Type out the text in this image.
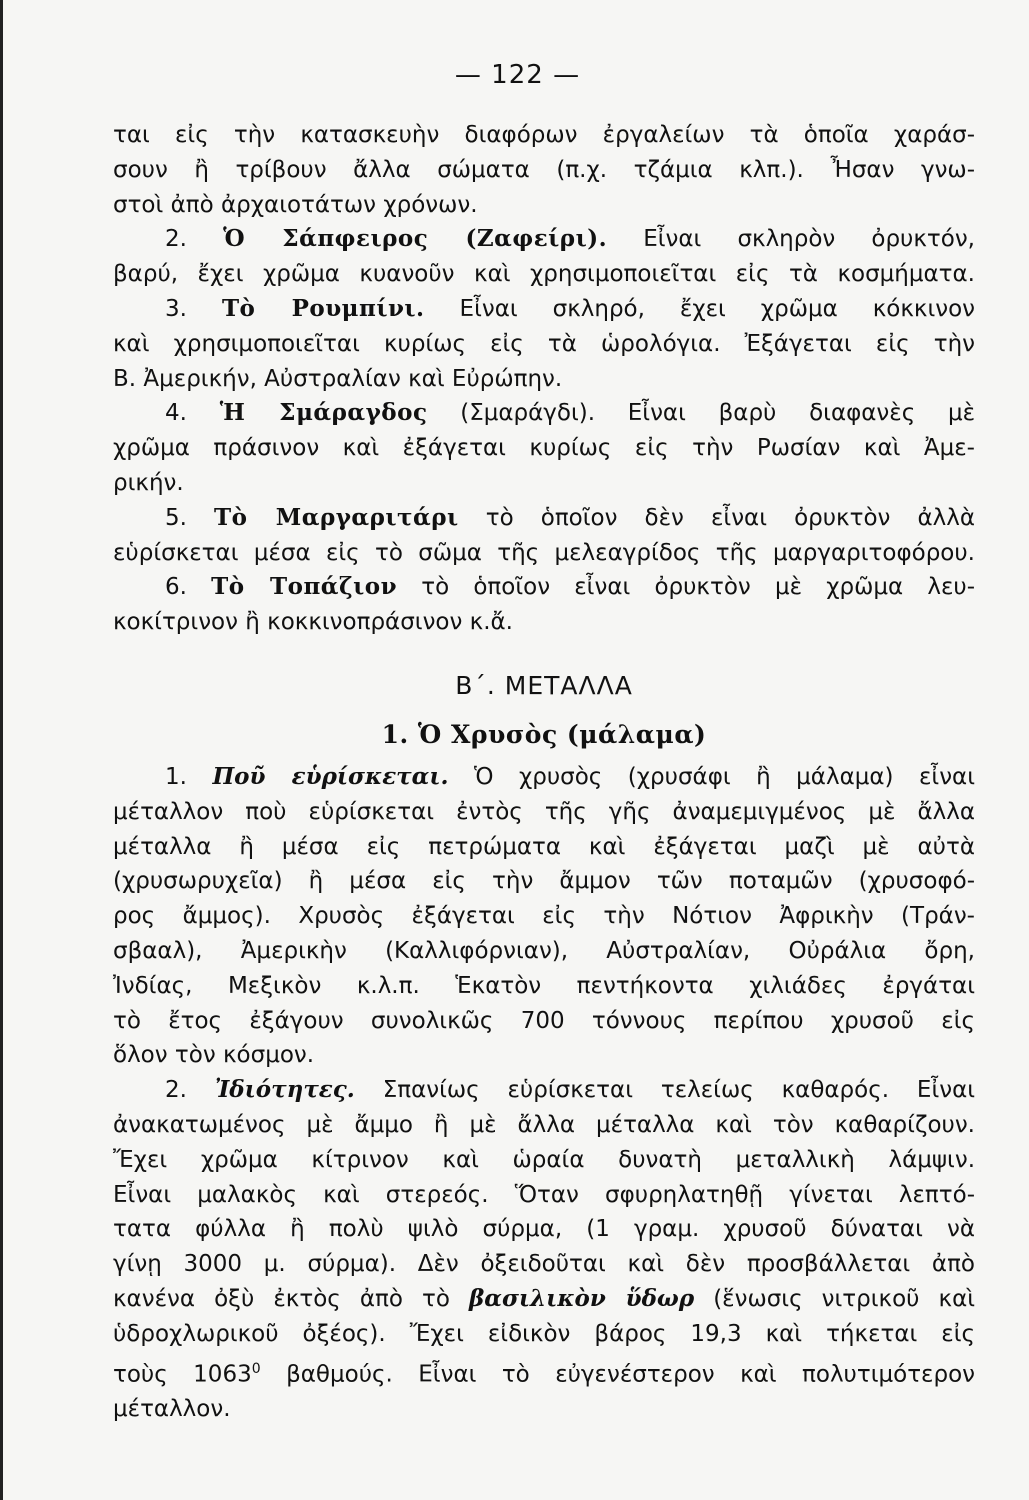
— 122 —
ται εἰς τὴν κατασκευὴν διαφόρων ἐργαλείων τὰ ὁποῖα χαράσ-
σουν ἢ τρίβουν ἄλλα σώματα (π.χ. τζάμια κλπ.). Ἦσαν γνω-
στοὶ ἀπὸ ἀρχαιοτάτων χρόνων.
2. Ὁ Σάπφειρος (Ζαφείρι). Εἶναι σκληρὸν ὀρυκτόν,
βαρύ, ἔχει χρῶμα κυανοῦν καὶ χρησιμοποιεῖται εἰς τὰ κοσμήματα.
3. Τὸ Ρουμπίνι. Εἶναι σκληρό, ἔχει χρῶμα κόκκινον
καὶ χρησιμοποιεῖται κυρίως εἰς τὰ ὡρολόγια. Ἐξάγεται εἰς τὴν
Β. Ἀμερικήν, Αὐστραλίαν καὶ Εὐρώπην.
4. Ἡ Σμάραγδος (Σμαράγδι). Εἶναι βαρὺ διαφανὲς μὲ
χρῶμα πράσινον καὶ ἐξάγεται κυρίως εἰς τὴν Ρωσίαν καὶ Ἀμε-
ρικήν.
5. Τὸ Μαργαριτάρι τὸ ὁποῖον δὲν εἶναι ὀρυκτὸν ἀλλὰ
εὑρίσκεται μέσα εἰς τὸ σῶμα τῆς μελεαγρίδος τῆς μαργαριτοφόρου.
6. Τὸ Τοπάζιον τὸ ὁποῖον εἶναι ὀρυκτὸν μὲ χρῶμα λευ-
κοκίτρινον ἢ κοκκινοπράσινον κ.ἄ.
Β΄. ΜΕΤΑΛΛΑ
1. Ὁ Χρυσὸς (μάλαμα)
1. Ποῦ εὑρίσκεται. Ὁ χρυσὸς (χρυσάφι ἢ μάλαμα) εἶναι
μέταλλον ποὺ εὑρίσκεται ἐντὸς τῆς γῆς ἀναμεμιγμένος μὲ ἄλλα
μέταλλα ἢ μέσα εἰς πετρώματα καὶ ἐξάγεται μαζὶ μὲ αὐτὰ
(χρυσωρυχεῖα) ἢ μέσα εἰς τὴν ἄμμον τῶν ποταμῶν (χρυσοφό-
ρος ἄμμος). Χρυσὸς ἐξάγεται εἰς τὴν Νότιον Ἀφρικὴν (Τράν-
σβααλ), Ἀμερικὴν (Καλλιφόρνιαν), Αὐστραλίαν, Οὐράλια ὄρη,
Ἰνδίας, Μεξικὸν κ.λ.π. Ἑκατὸν πεντήκοντα χιλιάδες ἐργάται
τὸ ἔτος ἐξάγουν συνολικῶς 700 τόννους περίπου χρυσοῦ εἰς
ὅλον τὸν κόσμον.
2. Ἰδιότητες. Σπανίως εὑρίσκεται τελείως καθαρός. Εἶναι
ἀνακατωμένος μὲ ἄμμο ἢ μὲ ἄλλα μέταλλα καὶ τὸν καθαρίζουν.
Ἔχει χρῶμα κίτρινον καὶ ὡραία δυνατὴ μεταλλικὴ λάμψιν.
Εἶναι μαλακὸς καὶ στερεός. Ὅταν σφυρηλατηθῇ γίνεται λεπτό-
τατα φύλλα ἢ πολὺ ψιλὸ σύρμα, (1 γραμ. χρυσοῦ δύναται νὰ
γίνῃ 3000 μ. σύρμα). Δὲν ὀξειδοῦται καὶ δὲν προσβάλλεται ἀπὸ
κανένα ὀξὺ ἐκτὸς ἀπὸ τὸ βασιλικὸν ὕδωρ (ἕνωσις νιτρικοῦ καὶ
ὑδροχλωρικοῦ ὀξέος). Ἔχει εἰδικὸν βάρος 19,3 καὶ τήκεται εἰς
τοὺς 1063$^0$ βαθμούς. Εἶναι τὸ εὐγενέστερον καὶ πολυτιμότερον
μέταλλον.
